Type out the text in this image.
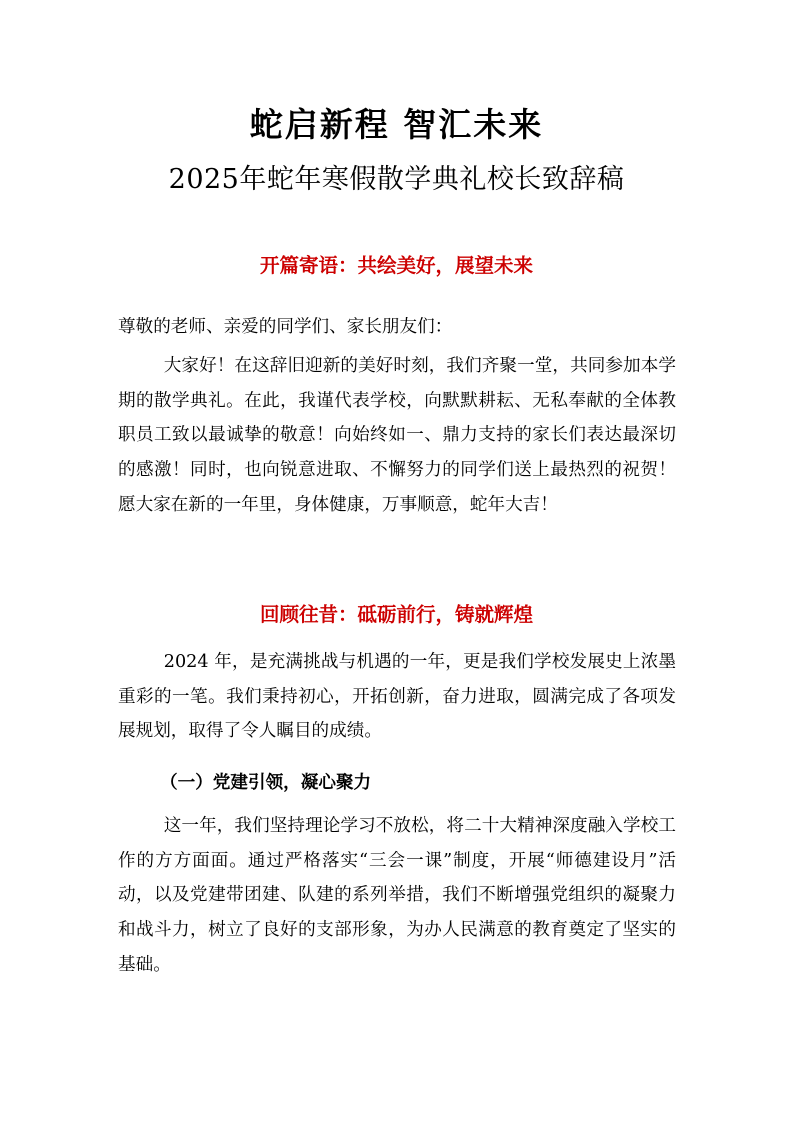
蛇启新程 智汇未来
2025年蛇年寒假散学典礼校长致辞稿
开篇寄语：共绘美好，展望未来

尊敬的老师、亲爱的同学们、家长朋友们：

大家好！在这辞旧迎新的美好时刻，我们齐聚一堂，共同参加本学期的散学典礼。在此，我谨代表学校，向默默耕耘、无私奉献的全体教职员工致以最诚挚的敬意！向始终如一、鼎力支持的家长们表达最深切的感激！同时，也向锐意进取、不懈努力的同学们送上最热烈的祝贺！愿大家在新的一年里，身体健康，万事顺意，蛇年大吉！

回顾往昔：砥砺前行，铸就辉煌

2024 年，是充满挑战与机遇的一年，更是我们学校发展史上浓墨重彩的一笔。我们秉持初心，开拓创新，奋力进取，圆满完成了各项发展规划，取得了令人瞩目的成绩。

（一）党建引领，凝心聚力

这一年，我们坚持理论学习不放松，将二十大精神深度融入学校工作的方方面面。通过严格落实“三会一课”制度，开展“师德建设月”活动，以及党建带团建、队建的系列举措，我们不断增强党组织的凝聚力和战斗力，树立了良好的支部形象，为办人民满意的教育奠定了坚实的基础。
